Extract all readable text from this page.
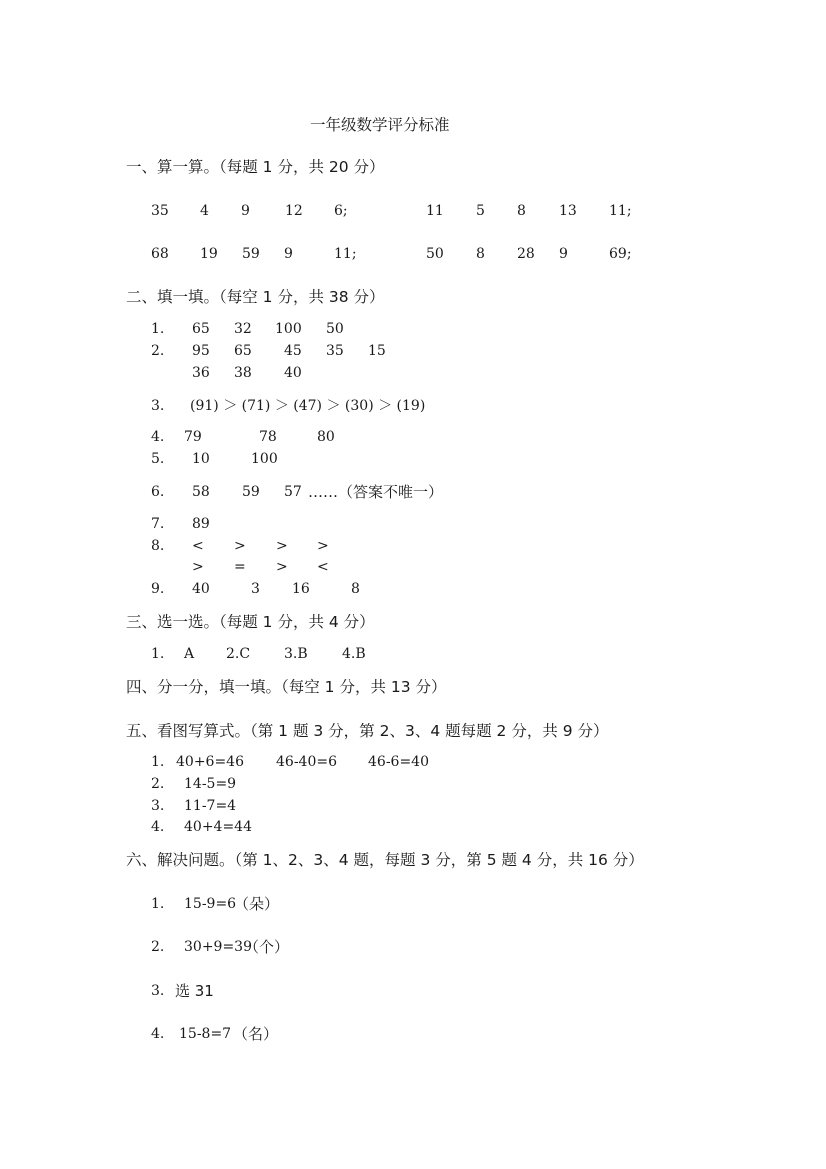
一年级数学评分标准
一、算一算。（每题 1 分，共 20 分）
35 4 9	12 6;	11 5 8 13 11;
68 19 59 9	11;	50 8 28 9	69;
二、填一填。（每空 1 分，共 38 分）
1. 65 32 100 50
2. 95 65 45 35 15
36 38 40
3. (91) ＞ (71) ＞ (47) ＞ (30) ＞ (19)
4. 79	78	80
5. 10	100
6. 58 59 57 ……（答案不唯一）
7. 89
8. < > > >
> = > <
9. 40	3 16	8
三、选一选。（每题 1 分，共 4 分）
1. A 2.C 3.B 4.B
四、分一分，填一填。（每空 1 分，共 13 分）
五、看图写算式。（第 1 题 3 分，第 2、3、4 题每题 2 分，共 9 分）
1. 40+6=46 46-40=6 46-6=40
2. 14-5=9
3. 11-7=4
4. 40+4=44
六、解决问题。（第 1、2、3、4 题，每题 3 分，第 5 题 4 分，共 16 分）
1. 15-9=6
（朵）
2. 30+9=39
（个）
3. 选 31
4. 15-8=7 （名）
